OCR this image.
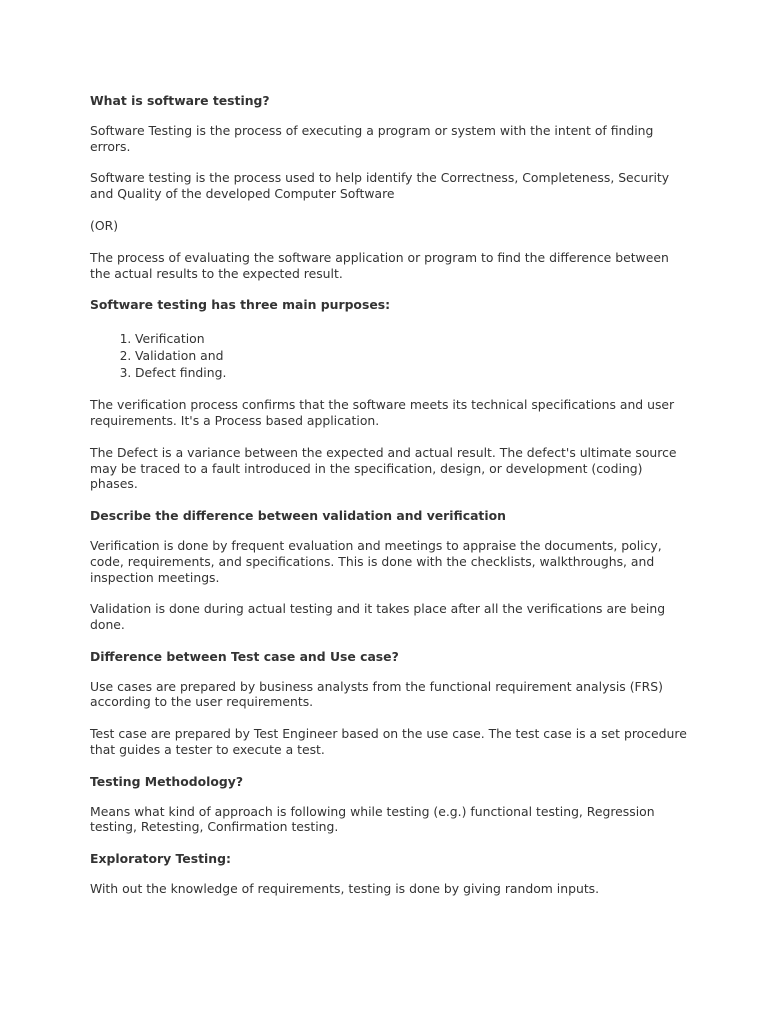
What is software testing?

Software Testing is the process of executing a program or system with the intent of finding errors.

Software testing is the process used to help identify the Correctness, Completeness, Security and Quality of the developed Computer Software

(OR)

The process of evaluating the software application or program to find the difference between the actual results to the expected result.

Software testing has three main purposes:

1. Verification
2. Validation and
3. Defect finding.

The verification process confirms that the software meets its technical specifications and user requirements. It's a Process based application.

The Defect is a variance between the expected and actual result. The defect's ultimate source may be traced to a fault introduced in the specification, design, or development (coding) phases.

Describe the difference between validation and verification

Verification is done by frequent evaluation and meetings to appraise the documents, policy, code, requirements, and specifications. This is done with the checklists, walkthroughs, and inspection meetings.

Validation is done during actual testing and it takes place after all the verifications are being done.

Difference between Test case and Use case?

Use cases are prepared by business analysts from the functional requirement analysis (FRS) according to the user requirements.

Test case are prepared by Test Engineer based on the use case. The test case is a set procedure that guides a tester to execute a test.

Testing Methodology?

Means what kind of approach is following while testing (e.g.) functional testing, Regression testing, Retesting, Confirmation testing.

Exploratory Testing:

With out the knowledge of requirements, testing is done by giving random inputs.
